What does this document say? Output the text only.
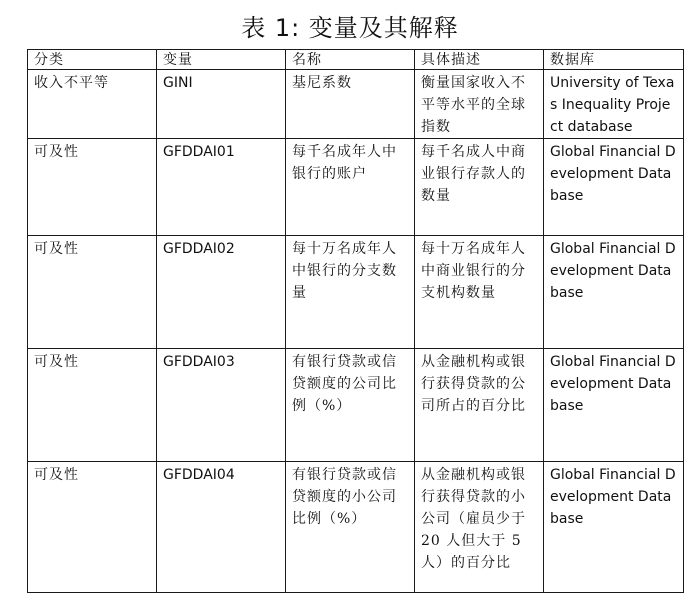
表 1: 变量及其解释
分类	变量	名称	具体描述	数据库
收入不平等	GINI	基尼系数	衡量国家收入不平等水平的全球指数	University of Texas Inequality Project database
可及性	GFDDAI01	每千名成年人中银行的账户	每千名成人中商业银行存款人的数量	Global Financial Development Database
可及性	GFDDAI02	每十万名成年人中银行的分支数量	每十万名成年人中商业银行的分支机构数量	Global Financial Development Database
可及性	GFDDAI03	有银行贷款或信贷额度的公司比例（%）	从金融机构或银行获得贷款的公司所占的百分比	Global Financial Development Database
可及性	GFDDAI04	有银行贷款或信贷额度的小公司比例（%）	从金融机构或银行获得贷款的小公司（雇员少于 20 人但大于 5 人）的百分比	Global Financial Development Database
